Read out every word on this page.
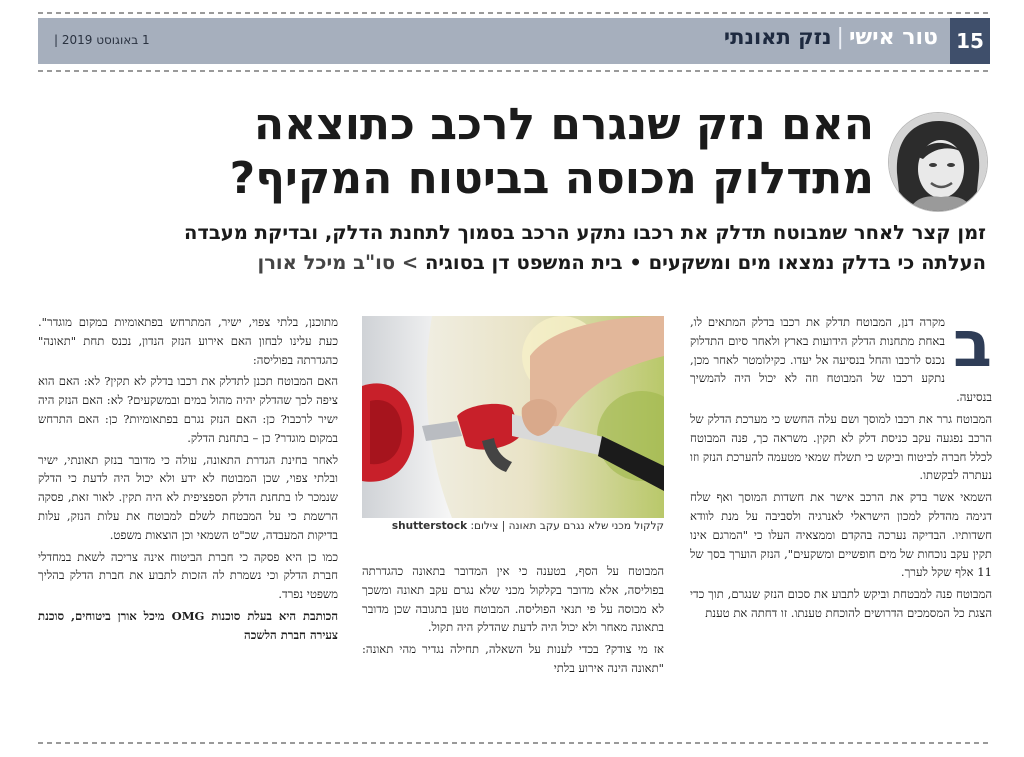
טור אישי|נזק תאונתי
1 באוגוסט 2019 |	15
האם נזק שנגרם לרכב כתוצאה
מתדלוק מכוסה בביטוח המקיף?
זמן קצר לאחר שמבוטח תדלק את רכבו נתקע הרכב בסמוך לתחנת הדלק, ובדיקת מעבדה
העלתה כי בדלק נמצאו מים ומשקעים • בית המשפט דן בסוגיה > סו"ב מיכל אורן
ב

מקרה דנן, המבוטח תדלק את רכבו בדלק המתאים לו, באחת מתחנות הדלק הידועות בארץ ולאחר סיום התדלוק נכנס לרכבו והחל בנסיעה אל יעדו. כקילומטר לאחר מכן, נתקע רכבו של המבוטח וזה לא יכול היה להמשיך בנסיעה.

המבוטח גרר את רכבו למוסך ושם עלה החשש כי מערכת הדלק של הרכב נפגעה עקב כניסת דלק לא תקין. משראה כך, פנה המבוטח לכלל חברה לביטוח וביקש כי תשלח שמאי מטעמה להערכת הנזק וזו נעתרה לבקשתו.

השמאי אשר בדק את הרכב אישר את חשדות המוסך ואף שלח דגימה מהדלק למכון הישראלי לאנרגיה ולסביבה על מנת לוודא חשדותיו. הבדיקה נערכה בהקדם וממצאיה העלו כי "המרגם אינו תקין עקב נוכחות של מים חופשיים ומשקעים", הנזק הוערך בסך של 11 אלף שקל לערך.

המבוטח פנה למבטחת וביקש לתבוע את סכום הנזק שנגרם, תוך כדי הצגת כל המסמכים הדרושים להוכחת טענתו. זו דחתה את טענת

קלקול מכני שלא נגרם עקב תאונה | צילום: shutterstock

המבוטח על הסף, בטענה כי אין המדובר בתאונה כהגדרתה בפוליסה, אלא מדובר בקלקול מכני שלא נגרם עקב תאונה ומשכך לא מכוסה על פי תנאי הפוליסה. המבוטח טען בתגובה שכן מדובר בתאונה מאחר ולא יכול היה לדעת שהדלק היה תקול.

אז מי צודק? בכדי לענות על השאלה, תחילה נגדיר מהי תאונה: "תאונה הינה אירוע בלתי

מתוכנן, בלתי צפוי, ישיר, המתרחש בפתאומיות במקום מוגדר". כעת עלינו לבחון האם אירוע הנזק הנדון, נכנס תחת "תאונה" כהגדרתה בפוליסה:

האם המבוטח תכנן לתדלק את רכבו בדלק לא תקין? לא: האם הוא ציפה לכך שהדלק יהיה מהול במים ובמשקעים? לא: האם הנזק היה ישיר לרכבו? כן: האם הנזק נגרם בפתאומיות? כן: האם התרחש במקום מוגדר? כן – בתחנת הדלק.

לאחר בחינת הגדרת התאונה, עולה כי מדובר בנזק תאונתי, ישיר ובלתי צפוי, שכן המבוטח לא ידע ולא יכול היה לדעת כי הדלק שנמכר לו בתחנת הדלק הספציפית לא היה תקין. לאור זאת, פסקה הרשמת כי על המבטחת לשלם למבוטח את עלות הנזק, עלות בדיקות המעבדה, שכ"ט השמאי וכן הוצאות משפט.

כמו כן היא פסקה כי חברת הביטוח אינה צריכה לשאת במחדלי חברת הדלק וכי נשמרת לה הזכות לתבוע את חברת הדלק בהליך משפטי נפרד.

הכותבת היא בעלת סוכנות OMG מיכל אורן ביטוחים, סוכנת צעירה חברת הלשכה
